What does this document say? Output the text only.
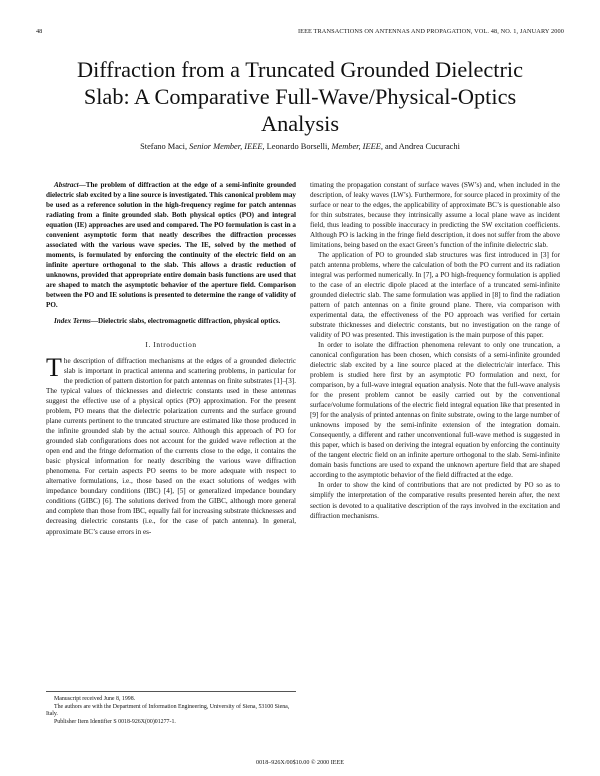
48	IEEE TRANSACTIONS ON ANTENNAS AND PROPAGATION, VOL. 48, NO. 1, JANUARY 2000
Diffraction from a Truncated Grounded Dielectric
Slab: A Comparative Full-Wave/Physical-Optics
Analysis
Stefano Maci, Senior Member, IEEE, Leonardo Borselli, Member, IEEE, and Andrea Cucurachi

Abstract—The problem of diffraction at the edge of a semi-infinite grounded dielectric slab excited by a line source is investigated. This canonical problem may be used as a reference solution in the high-frequency regime for patch antennas radiating from a finite grounded slab. Both physical optics (PO) and integral equation (IE) approaches are used and compared. The PO formulation is cast in a convenient asymptotic form that neatly describes the diffraction processes associated with the various wave species. The IE, solved by the method of moments, is formulated by enforcing the continuity of the electric field on an infinite aperture orthogonal to the slab. This allows a drastic reduction of unknowns, provided that appropriate entire domain basis functions are used that are shaped to match the asymptotic behavior of the aperture field. Comparison between the PO and IE solutions is presented to determine the range of validity of PO.

Index Terms—Dielectric slabs, electromagnetic diffraction, physical optics.

I. Introduction

The description of diffraction mechanisms at the edges of a grounded dielectric slab is important in practical antenna and scattering problems, in particular for the prediction of pattern distortion for patch antennas on finite substrates [1]–[3]. The typical values of thicknesses and dielectric constants used in these antennas suggest the effective use of a physical optics (PO) approximation. For the present problem, PO means that the dielectric polarization currents and the surface ground plane currents pertinent to the truncated structure are estimated like those produced in the infinite grounded slab by the actual source. Although this approach of PO for grounded slab configurations does not account for the guided wave reflection at the open end and the fringe deformation of the currents close to the edge, it contains the basic physical information for neatly describing the various wave diffraction phenomena. For certain aspects PO seems to be more adequate with respect to alternative formulations, i.e., those based on the exact solutions of wedges with impedance boundary conditions (IBC) [4], [5] or generalized impedance boundary conditions (GIBC) [6]. The solutions derived from the GIBC, although more general and complete than those from IBC, equally fail for increasing substrate thicknesses and decreasing dielectric constants (i.e., for the case of patch antenna). In general, approximate BC’s cause errors in es-

timating the propagation constant of surface waves (SW’s) and, when included in the description, of leaky waves (LW’s). Furthermore, for source placed in proximity of the surface or near to the edges, the applicability of approximate BC’s is questionable also for thin substrates, because they intrinsically assume a local plane wave as incident field, thus leading to possible inaccuracy in predicting the SW excitation coefficients. Although PO is lacking in the fringe field description, it does not suffer from the above limitations, being based on the exact Green’s function of the infinite dielectric slab.

The application of PO to grounded slab structures was first introduced in [3] for patch antenna problems, where the calculation of both the PO current and its radiation integral was performed numerically. In [7], a PO high-frequency formulation is applied to the case of an electric dipole placed at the interface of a truncated semi-infinite grounded dielectric slab. The same formulation was applied in [8] to find the radiation pattern of patch antennas on a finite ground plane. There, via comparison with experimental data, the effectiveness of the PO approach was verified for certain substrate thicknesses and dielectric constants, but no investigation on the range of validity of PO was presented. This investigation is the main purpose of this paper.

In order to isolate the diffraction phenomena relevant to only one truncation, a canonical configuration has been chosen, which consists of a semi-infinite grounded dielectric slab excited by a line source placed at the dielectric/air interface. This problem is studied here first by an asymptotic PO formulation and next, for comparison, by a full-wave integral equation analysis. Note that the full-wave analysis for the present problem cannot be easily carried out by the conventional surface/volume formulations of the electric field integral equation like that presented in [9] for the analysis of printed antennas on finite substrate, owing to the large number of unknowns imposed by the semi-infinite extension of the integration domain. Consequently, a different and rather unconventional full-wave method is suggested in this paper, which is based on deriving the integral equation by enforcing the continuity of the tangent electric field on an infinite aperture orthogonal to the slab. Semi-infinite domain basis functions are used to expand the unknown aperture field that are shaped according to the asymptotic behavior of the field diffracted at the edge.

In order to show the kind of contributions that are not predicted by PO so as to simplify the interpretation of the comparative results presented herein after, the next section is devoted to a qualitative description of the rays involved in the excitation and diffraction mechanisms.

Manuscript received June 8, 1998.
The authors are with the Department of Information Engineering, University of Siena, 53100 Siena, Italy.
Publisher Item Identifier S 0018-926X(00)01277-1.
0018–926X/00$10.00 © 2000 IEEE
